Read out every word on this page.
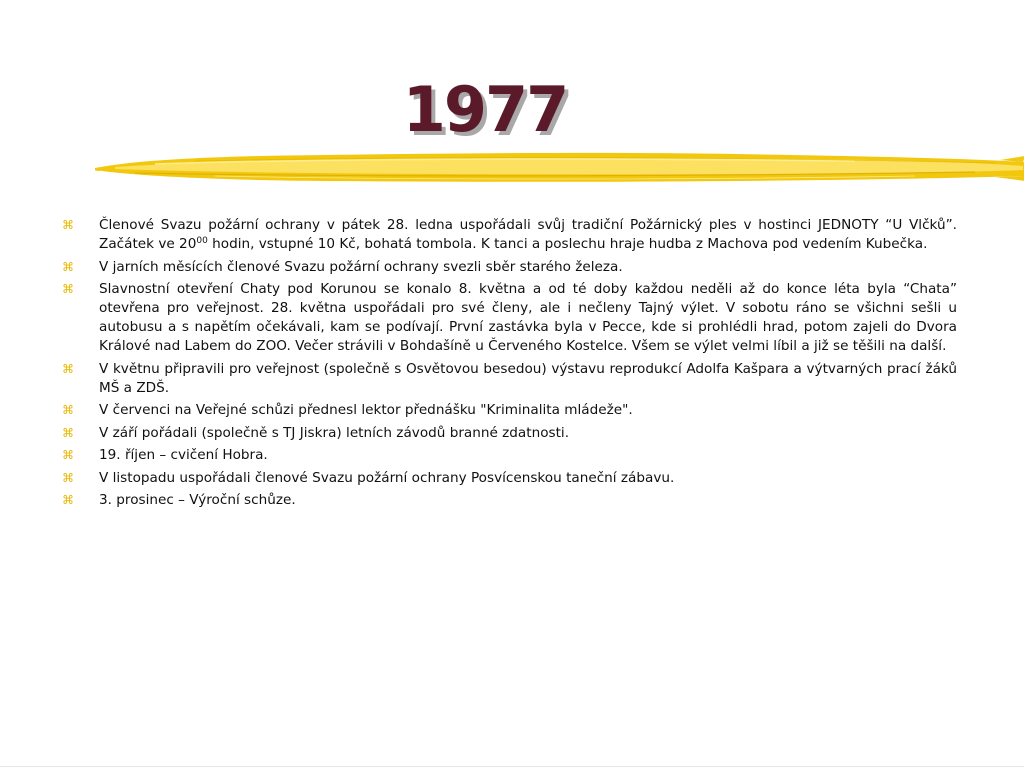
1977
⌘ Členové Svazu požární ochrany v pátek 28. ledna uspořádali svůj tradiční Požárnický ples v hostinci JEDNOTY “U Vlčků”. Začátek ve $20^{00}$ hodin, vstupné 10 Kč, bohatá tombola. K tanci a poslechu hraje hudba z Machova pod vedením Kubečka.
⌘ V jarních měsících členové Svazu požární ochrany svezli sběr starého železa.
⌘ Slavnostní otevření Chaty pod Korunou se konalo 8. května a od té doby každou neděli až do konce léta byla “Chata” otevřena pro veřejnost. 28. května uspořádali pro své členy, ale i nečleny Tajný výlet. V sobotu ráno se všichni sešli u autobusu a s napětím očekávali, kam se podívají. První zastávka byla v Pecce, kde si prohlédli hrad, potom zajeli do Dvora Králové nad Labem do ZOO. Večer strávili v Bohdašíně u Červeného Kostelce. Všem se výlet velmi líbil a již se těšili na další.
⌘ V květnu připravili pro veřejnost (společně s Osvětovou besedou) výstavu reprodukcí Adolfa Kašpara a výtvarných prací žáků MŠ a ZDŠ.
⌘ V červenci na Veřejné schůzi přednesl lektor přednášku "Kriminalita mládeže".
⌘ V září pořádali (společně s TJ Jiskra) letních závodů branné zdatnosti.
⌘ 19. říjen – cvičení Hobra.
⌘ V listopadu uspořádali členové Svazu požární ochrany Posvícenskou taneční zábavu.
⌘ 3. prosinec – Výroční schůze.
